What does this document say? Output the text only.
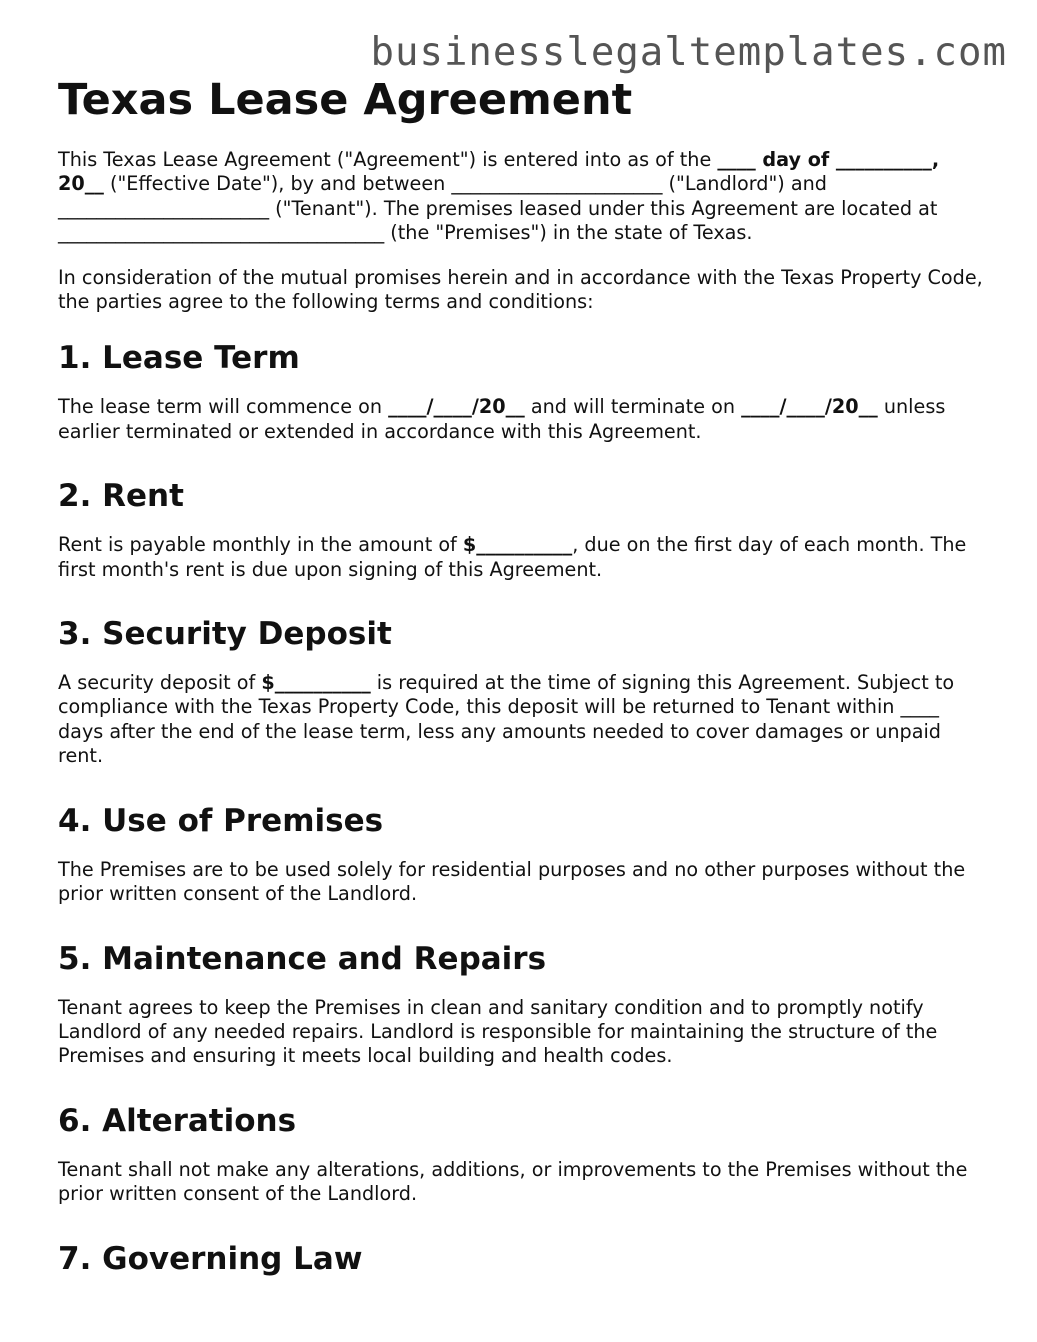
businesslegaltemplates.com
Texas Lease Agreement

This Texas Lease Agreement ("Agreement") is entered into as of the ____ day of __________, 20__ ("Effective Date"), by and between ______________________ ("Landlord") and ______________________ ("Tenant"). The premises leased under this Agreement are located at __________________________________ (the "Premises") in the state of Texas.

In consideration of the mutual promises herein and in accordance with the Texas Property Code, the parties agree to the following terms and conditions:

1. Lease Term

The lease term will commence on ____/____/20__ and will terminate on ____/____/20__ unless earlier terminated or extended in accordance with this Agreement.

2. Rent

Rent is payable monthly in the amount of $__________, due on the first day of each month. The first month's rent is due upon signing of this Agreement.

3. Security Deposit

A security deposit of $__________ is required at the time of signing this Agreement. Subject to compliance with the Texas Property Code, this deposit will be returned to Tenant within ____ days after the end of the lease term, less any amounts needed to cover damages or unpaid rent.

4. Use of Premises

The Premises are to be used solely for residential purposes and no other purposes without the prior written consent of the Landlord.

5. Maintenance and Repairs

Tenant agrees to keep the Premises in clean and sanitary condition and to promptly notify Landlord of any needed repairs. Landlord is responsible for maintaining the structure of the Premises and ensuring it meets local building and health codes.

6. Alterations

Tenant shall not make any alterations, additions, or improvements to the Premises without the prior written consent of the Landlord.

7. Governing Law
